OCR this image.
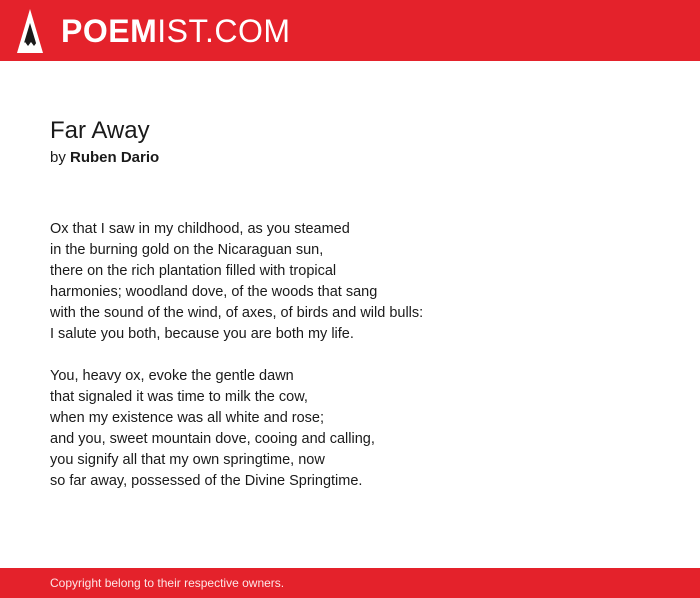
POEMIST.COM
Far Away
by Ruben Dario
Ox that I saw in my childhood, as you steamed
in the burning gold on the Nicaraguan sun,
there on the rich plantation filled with tropical
harmonies; woodland dove, of the woods that sang
with the sound of the wind, of axes, of birds and wild bulls:
I salute you both, because you are both my life.
You, heavy ox, evoke the gentle dawn
that signaled it was time to milk the cow,
when my existence was all white and rose;
and you, sweet mountain dove, cooing and calling,
you signify all that my own springtime, now
so far away, possessed of the Divine Springtime.
Copyright belong to their respective owners.
